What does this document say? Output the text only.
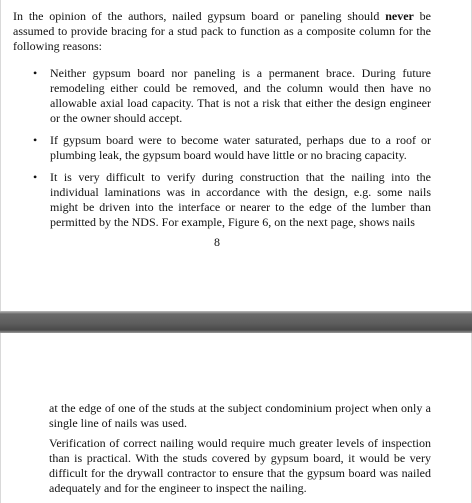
In the opinion of the authors, nailed gypsum board or paneling should never be assumed to provide bracing for a stud pack to function as a composite column for the following reasons:

• Neither gypsum board nor paneling is a permanent brace. During future remodeling either could be removed, and the column would then have no allowable axial load capacity. That is not a risk that either the design engineer or the owner should accept.
• If gypsum board were to become water saturated, perhaps due to a roof or plumbing leak, the gypsum board would have little or no bracing capacity.
• It is very difficult to verify during construction that the nailing into the individual laminations was in accordance with the design, e.g. some nails might be driven into the interface or nearer to the edge of the lumber than permitted by the NDS. For example, Figure 6, on the next page, shows nails
8

at the edge of one of the studs at the subject condominium project when only a single line of nails was used.

Verification of correct nailing would require much greater levels of inspection than is practical. With the studs covered by gypsum board, it would be very difficult for the drywall contractor to ensure that the gypsum board was nailed adequately and for the engineer to inspect the nailing.
